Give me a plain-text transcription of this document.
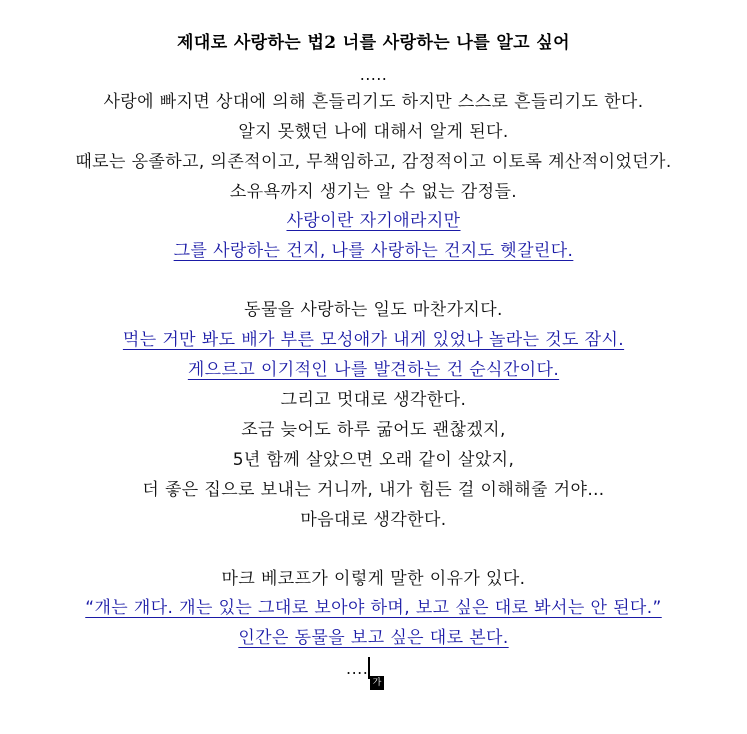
제대로 사랑하는 법2 너를 사랑하는 나를 알고 싶어
.....
사랑에 빠지면 상대에 의해 흔들리기도 하지만 스스로 흔들리기도 한다.
알지 못했던 나에 대해서 알게 된다.
때로는 옹졸하고, 의존적이고, 무책임하고, 감정적이고 이토록 계산적이었던가.
소유욕까지 생기는 알 수 없는 감정들.
사랑이란 자기애라지만
그를 사랑하는 건지, 나를 사랑하는 건지도 헷갈린다.
동물을 사랑하는 일도 마찬가지다.
먹는 거만 봐도 배가 부른 모성애가 내게 있었나 놀라는 것도 잠시.
게으르고 이기적인 나를 발견하는 건 순식간이다.
그리고 멋대로 생각한다.
조금 늦어도 하루 굶어도 괜찮겠지,
5년 함께 살았으면 오래 같이 살았지,
더 좋은 집으로 보내는 거니까, 내가 힘든 걸 이해해줄 거야…
마음대로 생각한다.
마크 베코프가 이렇게 말한 이유가 있다.
“개는 개다. 개는 있는 그대로 보아야 하며, 보고 싶은 대로 봐서는 안 된다.”
인간은 동물을 보고 싶은 대로 본다.
....
가
